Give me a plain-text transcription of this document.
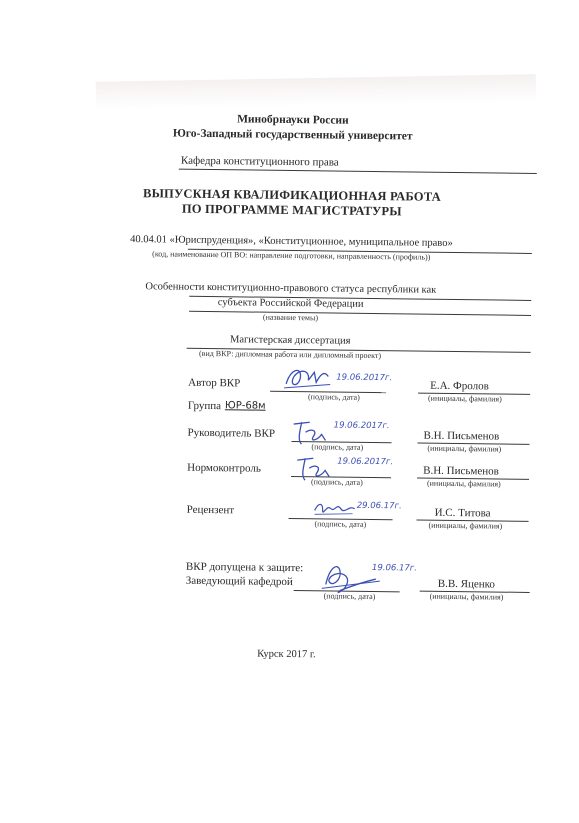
Минобрнауки России
Юго-Западный государственный университет
Кафедра конституционного права
ВЫПУСКНАЯ КВАЛИФИКАЦИОННАЯ РАБОТА
ПО ПРОГРАММЕ МАГИСТРАТУРЫ
40.04.01 «Юриспруденция», «Конституционное, муниципальное право»
(код, наименование ОП ВО: направление подготовки, направленность (профиль))
Особенности конституционно-правового статуса республики как
субъекта Российской Федерации
(название темы)
Магистерская диссертация
(вид ВКР: дипломная работа или дипломный проект)
Автор ВКР	19.06.2017г.
(подпись, дата)
Е.А. Фролов
(инициалы, фамилия)
Группа ЮР-68м
Руководитель ВКР
19.06.2017г.
(подпись, дата)
В.Н. Письменов
(инициалы, фамилия)
Нормоконтроль	19.06.2017г.
(подпись, дата)
В.Н. Письменов
(инициалы, фамилия)
Рецензент	29.06.17г.
(подпись, дата)
И.С. Титова
(инициалы, фамилия)
ВКР допущена к защите:
Заведующий кафедрой
19.06.17г.
(подпись, дата)
В.В. Яценко
(инициалы, фамилия)
Курск 2017 г.
